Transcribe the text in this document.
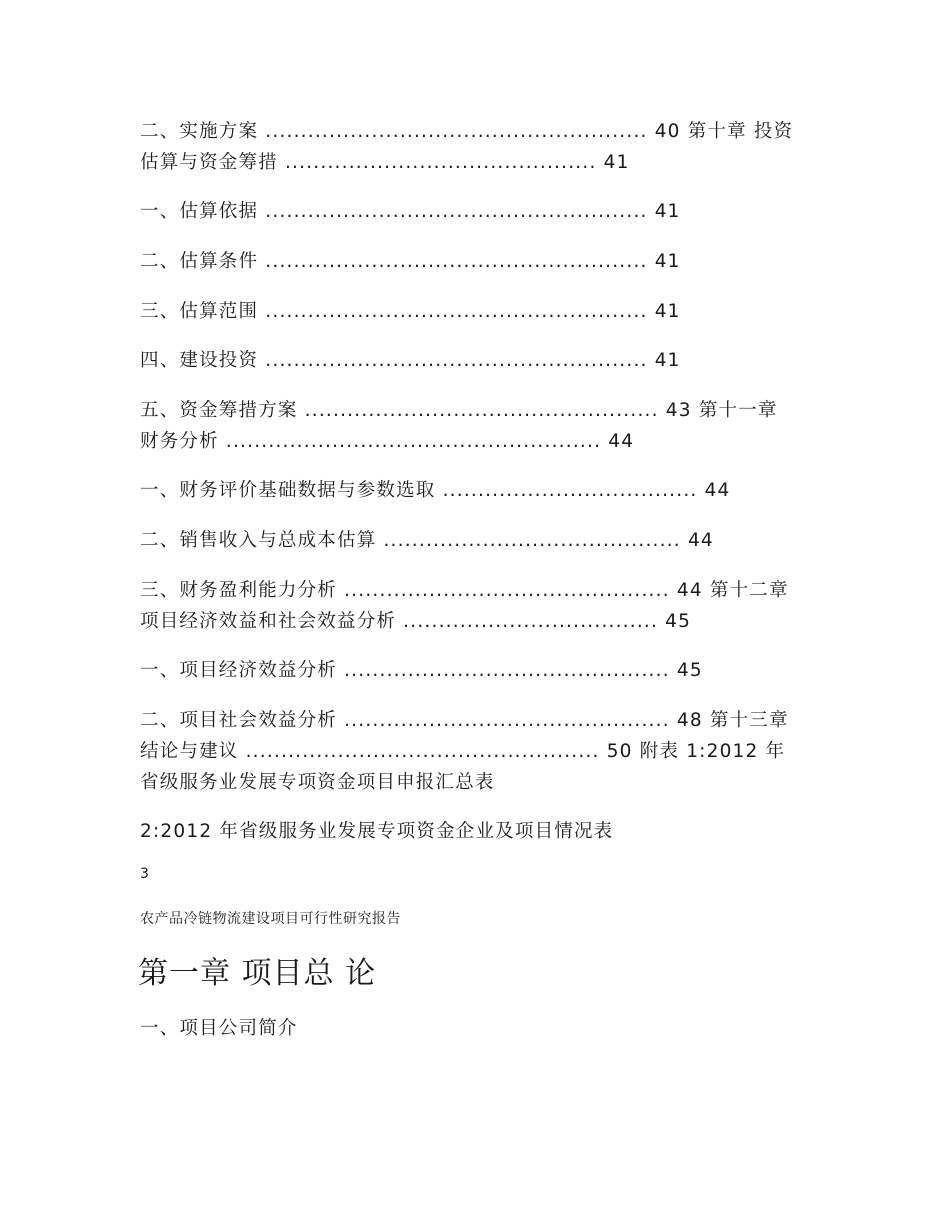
二、实施方案 ...................................................... 40 第十章 投资
估算与资金筹措 ............................................ 41
一、估算依据 ...................................................... 41
二、估算条件 ...................................................... 41
三、估算范围 ...................................................... 41
四、建设投资 ...................................................... 41
五、资金筹措方案 .................................................. 43 第十一章
财务分析 ..................................................... 44
一、财务评价基础数据与参数选取 .................................... 44
二、销售收入与总成本估算 .......................................... 44
三、财务盈利能力分析 .............................................. 44 第十二章
项目经济效益和社会效益分析 .................................... 45
一、项目经济效益分析 .............................................. 45
二、项目社会效益分析 .............................................. 48 第十三章
结论与建议 .................................................. 50 附表 1:2012 年
省级服务业发展专项资金项目申报汇总表
2:2012 年省级服务业发展专项资金企业及项目情况表
3
农产品冷链物流建设项目可行性研究报告
第一章 项目总 论
一、项目公司简介
